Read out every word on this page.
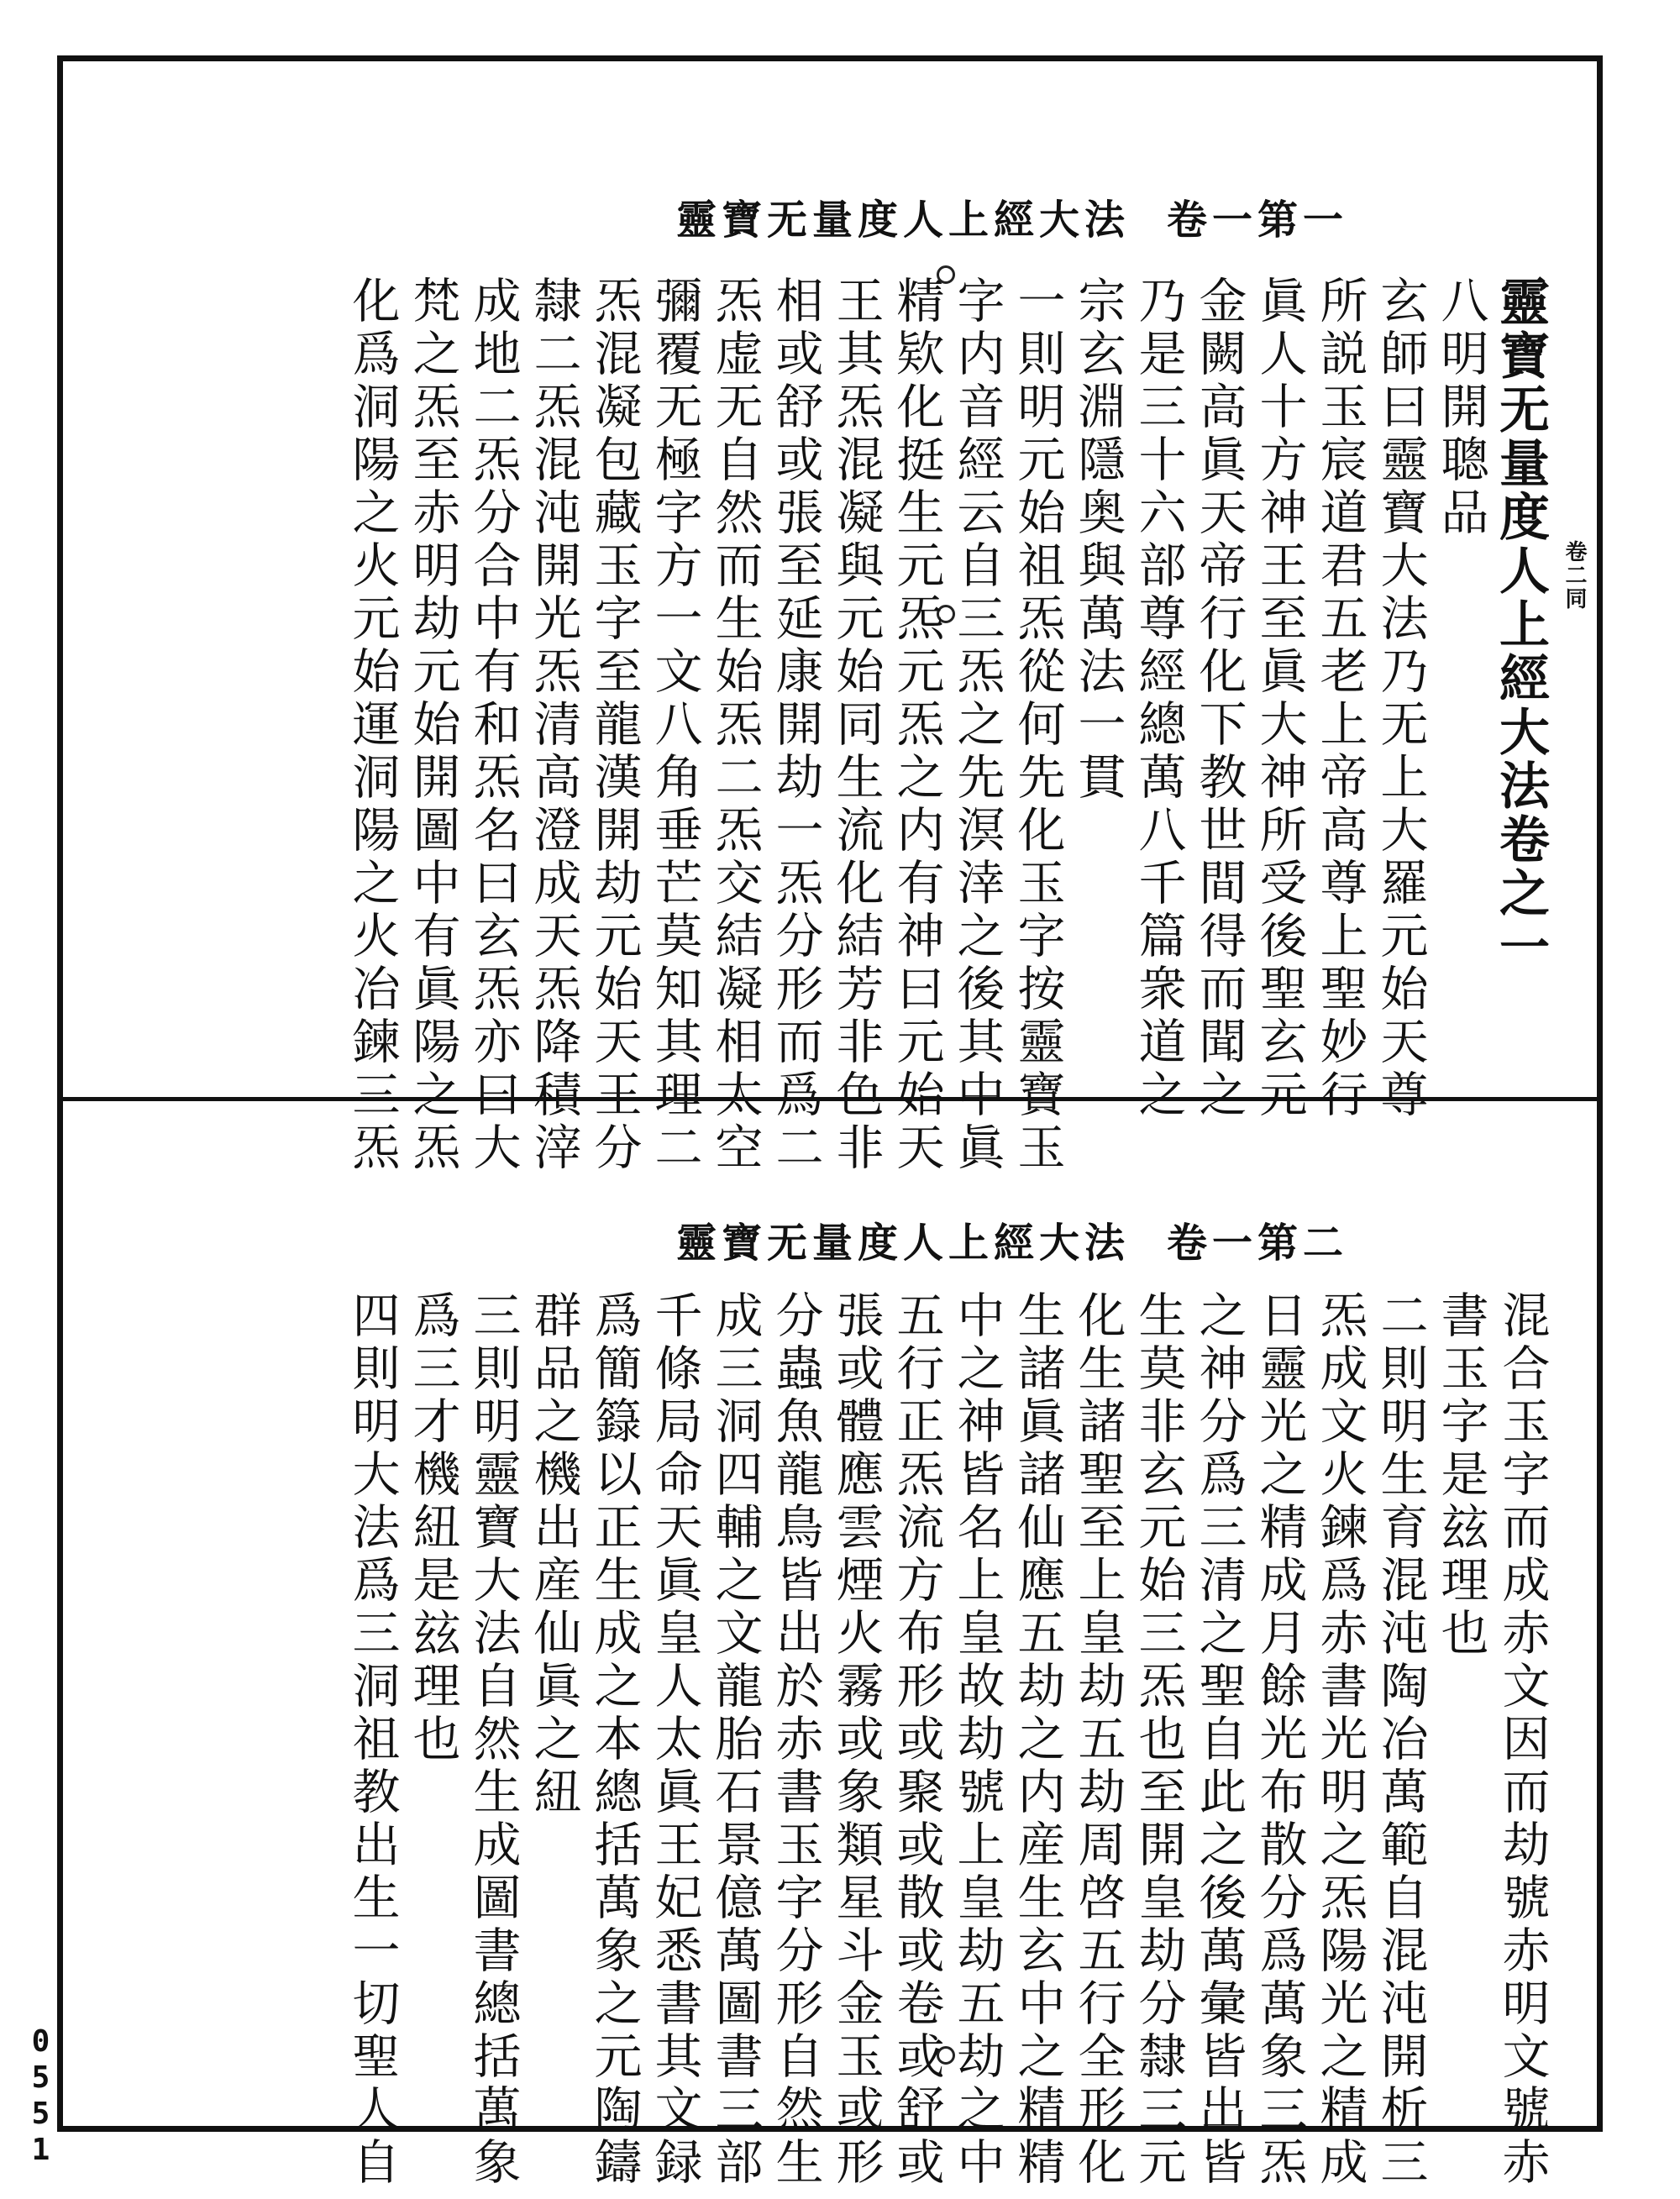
靈寶无量度人上經大法 卷一第一
卷二同
靈寶无量度人上經大法卷之一
八明開聰品
玄師曰靈寶大法乃无上大羅元始天尊
所説玉宸道君五老上帝高尊上聖妙行
眞人十方神王至眞大神所受後聖玄元
金闕高眞天帝行化下教世間得而聞之
乃是三十六部尊經總萬八千篇衆道之
宗玄淵隱奥與萬法一貫
一則明元始祖炁從何先化玉字按靈寶玉
字内音經云自三炁之先溟涬之後其中眞
精欵化挺生元炁元炁之内有神曰元始天
王其炁混凝與元始同生流化結芳非色非
相或舒或張至延康開劫一炁分形而爲二
炁虚无自然而生始炁二炁交結凝相太空
彌覆无極字方一文八角垂芒莫知其理二
炁混凝包藏玉字至龍漢開劫元始天王分
隸二炁混沌開光炁清高澄成天炁降積滓
成地二炁分合中有和炁名曰玄炁亦曰大
梵之炁至赤明劫元始開圖中有眞陽之炁
化爲洞陽之火元始運洞陽之火冶鍊三炁
靈寶无量度人上經大法 卷一第二
混合玉字而成赤文因而劫號赤明文號赤
書玉字是玆理也
二則明生育混沌陶冶萬範自混沌開析三
炁成文火鍊爲赤書光明之炁陽光之精成
日靈光之精成月餘光布散分爲萬象三炁
之神分爲三清之聖自此之後萬彙皆出皆
生莫非玄元始三炁也至開皇劫分隸三元
化生諸聖至上皇劫五劫周啓五行全形化
生諸眞諸仙應五劫之内産生玄中之精精
中之神皆名上皇故劫號上皇劫五劫之中
五行正炁流方布形或聚或散或卷或舒或
張或體應雲煙火霧或象類星斗金玉或形
分蟲魚龍鳥皆出於赤書玉字分形自然生
成三洞四輔之文龍胎石景億萬圖書三部
千條局命天眞皇人太眞王妃悉書其文録
爲簡籙以正生成之本總括萬象之元陶鑄
群品之機出産仙眞之紐
三則明靈寶大法自然生成圖書總括萬象
爲三才機紐是玆理也
四則明大法爲三洞祖教出生一切聖人自
0551
